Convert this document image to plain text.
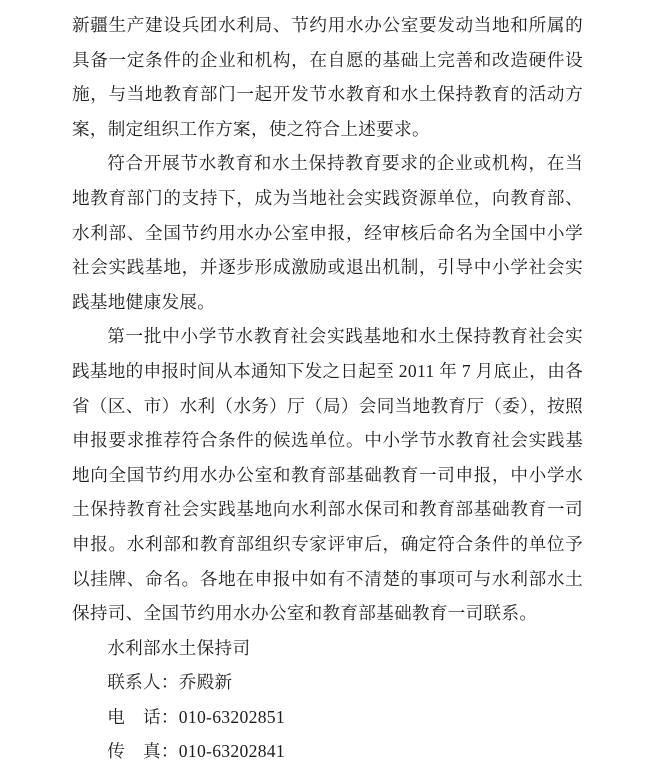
新疆生产建设兵团水利局、节约用水办公室要发动当地和所属的具备一定条件的企业和机构，在自愿的基础上完善和改造硬件设施，与当地教育部门一起开发节水教育和水土保持教育的活动方案，制定组织工作方案，使之符合上述要求。

符合开展节水教育和水土保持教育要求的企业或机构，在当地教育部门的支持下，成为当地社会实践资源单位，向教育部、水利部、全国节约用水办公室申报，经审核后命名为全国中小学社会实践基地，并逐步形成激励或退出机制，引导中小学社会实践基地健康发展。

第一批中小学节水教育社会实践基地和水土保持教育社会实践基地的申报时间从本通知下发之日起至 2011 年 7 月底止，由各省（区、市）水利（水务）厅（局）会同当地教育厅（委），按照申报要求推荐符合条件的候选单位。中小学节水教育社会实践基地向全国节约用水办公室和教育部基础教育一司申报，中小学水土保持教育社会实践基地向水利部水保司和教育部基础教育一司申报。水利部和教育部组织专家评审后，确定符合条件的单位予以挂牌、命名。各地在申报中如有不清楚的事项可与水利部水土保持司、全国节约用水办公室和教育部基础教育一司联系。

水利部水土保持司

联系人：乔殿新

电　话：010-63202851

传　真：010-63202841
